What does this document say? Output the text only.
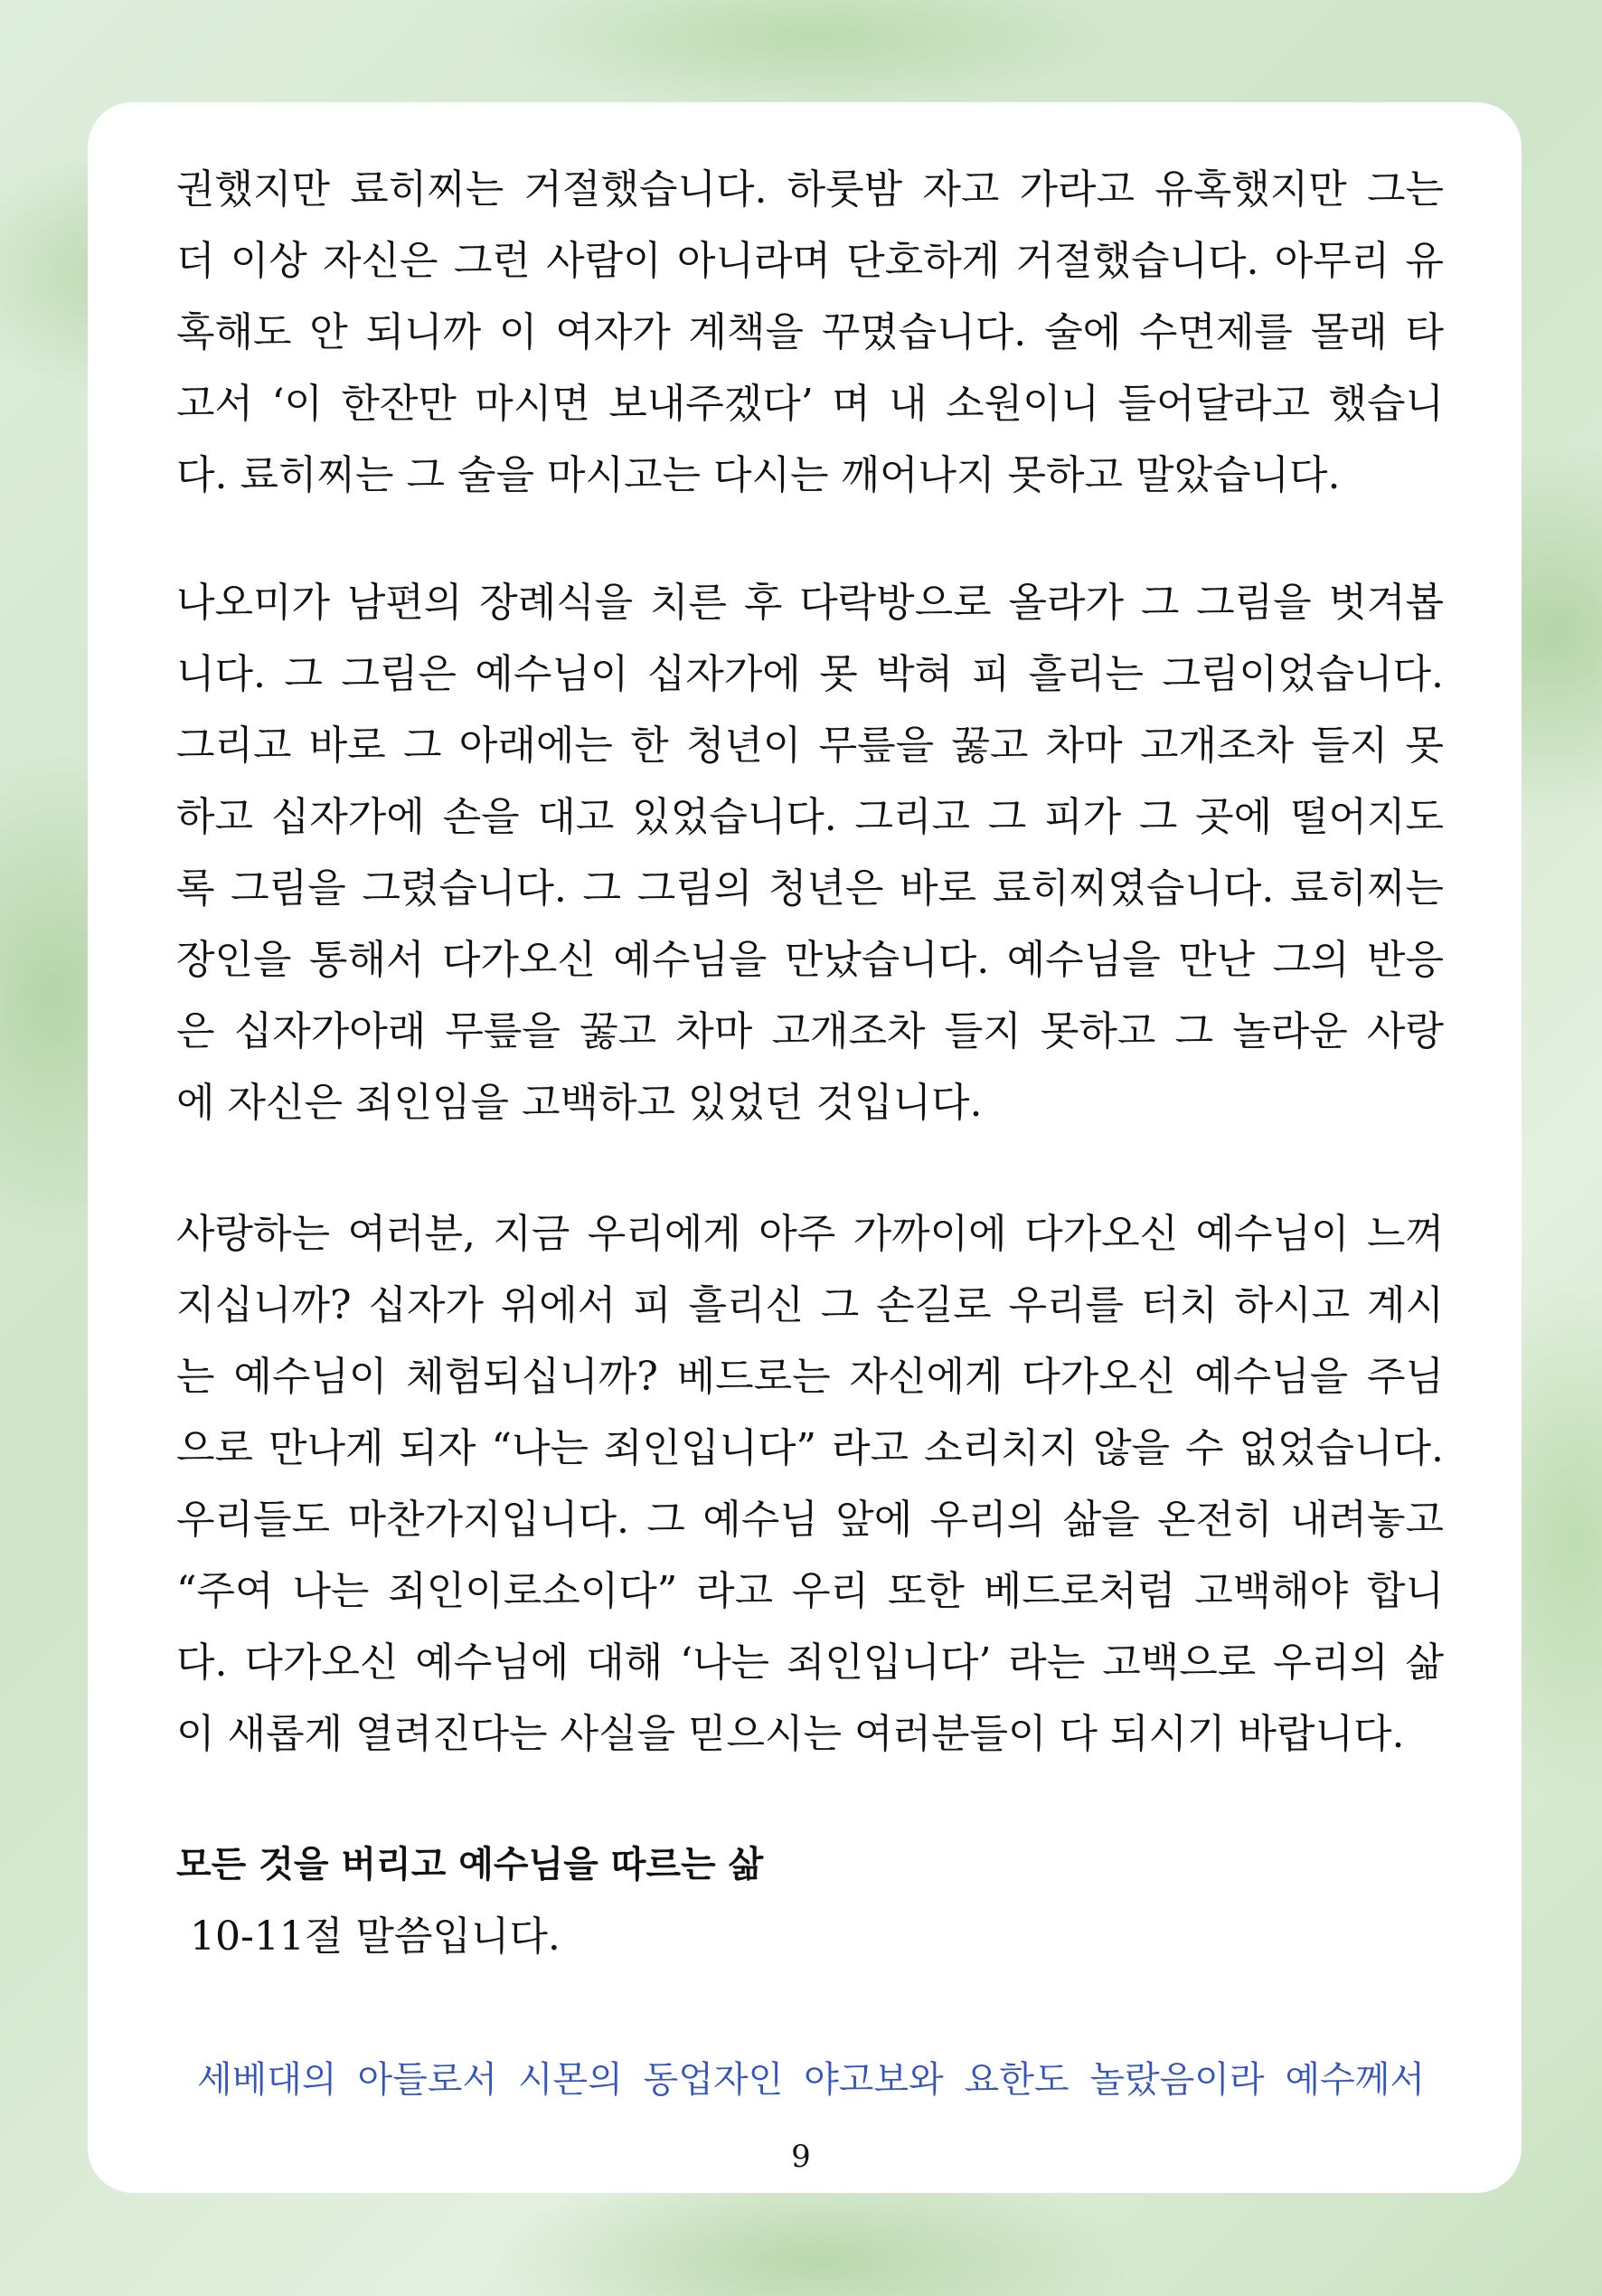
권했지만 료히찌는 거절했습니다. 하룻밤 자고 가라고 유혹했지만 그는
더 이상 자신은 그런 사람이 아니라며 단호하게 거절했습니다. 아무리 유
혹해도 안 되니까 이 여자가 계책을 꾸몄습니다. 술에 수면제를 몰래 타
고서 ‘이 한잔만 마시면 보내주겠다’ 며 내 소원이니 들어달라고 했습니
다. 료히찌는 그 술을 마시고는 다시는 깨어나지 못하고 말았습니다.
나오미가 남편의 장례식을 치른 후 다락방으로 올라가 그 그림을 벗겨봅
니다. 그 그림은 예수님이 십자가에 못 박혀 피 흘리는 그림이었습니다.
그리고 바로 그 아래에는 한 청년이 무릎을 꿇고 차마 고개조차 들지 못
하고 십자가에 손을 대고 있었습니다. 그리고 그 피가 그 곳에 떨어지도
록 그림을 그렸습니다. 그 그림의 청년은 바로 료히찌였습니다. 료히찌는
장인을 통해서 다가오신 예수님을 만났습니다. 예수님을 만난 그의 반응
은 십자가아래 무릎을 꿇고 차마 고개조차 들지 못하고 그 놀라운 사랑
에 자신은 죄인임을 고백하고 있었던 것입니다.
사랑하는 여러분, 지금 우리에게 아주 가까이에 다가오신 예수님이 느껴
지십니까? 십자가 위에서 피 흘리신 그 손길로 우리를 터치 하시고 계시
는 예수님이 체험되십니까? 베드로는 자신에게 다가오신 예수님을 주님
으로 만나게 되자 “나는 죄인입니다” 라고 소리치지 않을 수 없었습니다.
우리들도 마찬가지입니다. 그 예수님 앞에 우리의 삶을 온전히 내려놓고
“주여 나는 죄인이로소이다” 라고 우리 또한 베드로처럼 고백해야 합니
다. 다가오신 예수님에 대해 ‘나는 죄인입니다’ 라는 고백으로 우리의 삶
이 새롭게 열려진다는 사실을 믿으시는 여러분들이 다 되시기 바랍니다.
모든 것을 버리고 예수님을 따르는 삶
10-11절 말씀입니다.
세베대의 아들로서 시몬의 동업자인 야고보와 요한도 놀랐음이라 예수께서
9
